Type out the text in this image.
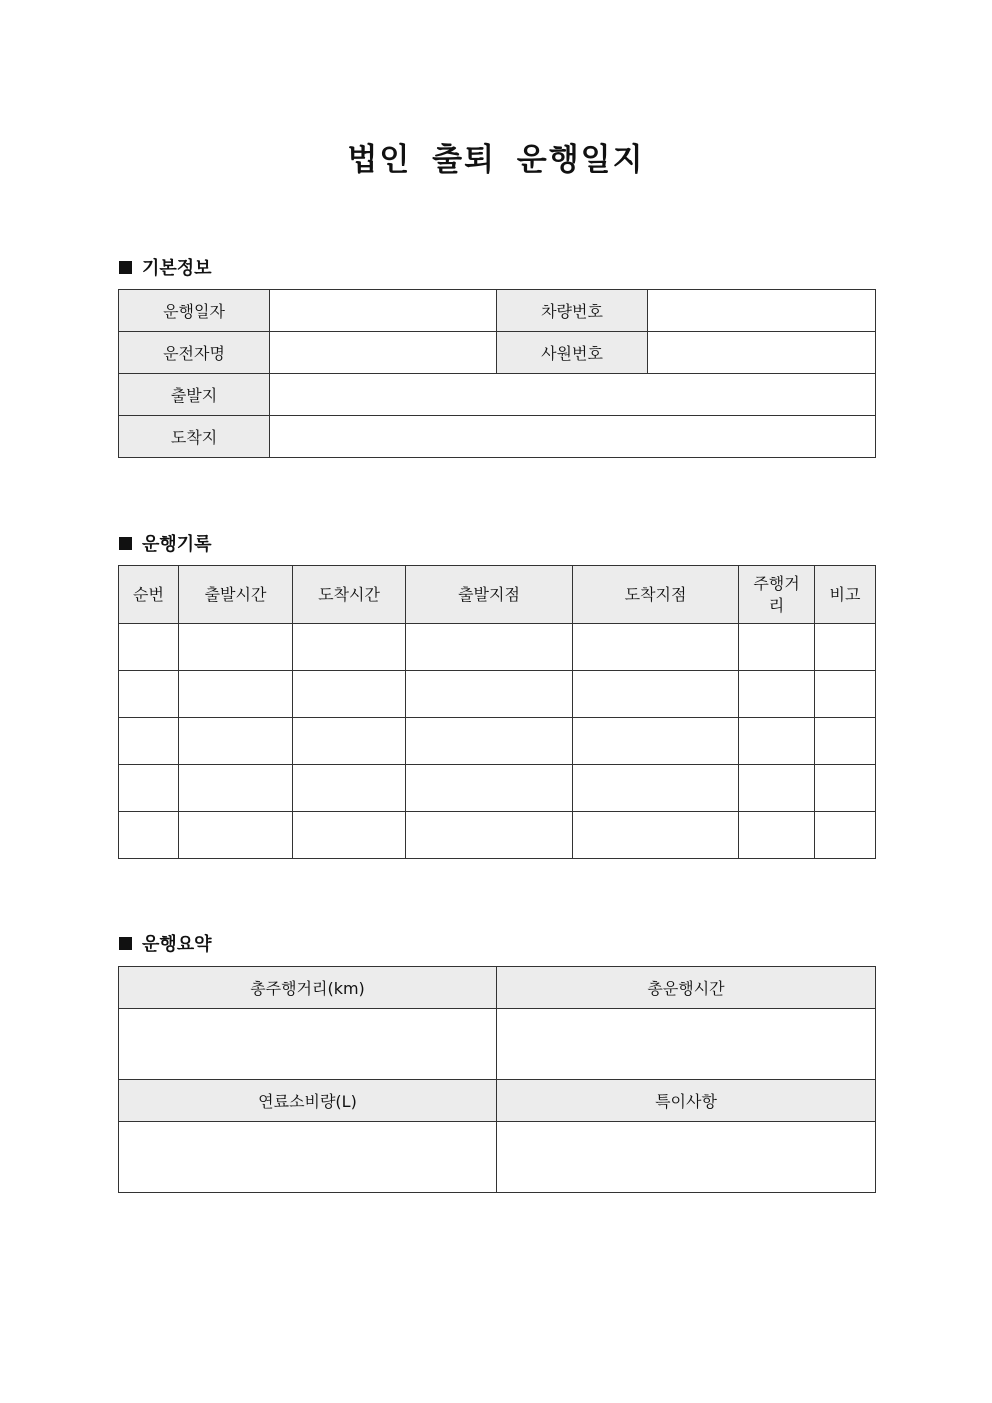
법인 출퇴 운행일지
기본정보
운행일자		차량번호	
운전자명		사원번호	
출발지			
도착지			
운행기록
순번	출발시간	도착시간	출발지점	도착지점	주행거리	비고

운행요약
총주행거리(km)	총운행시간

연료소비량(L)	특이사항
